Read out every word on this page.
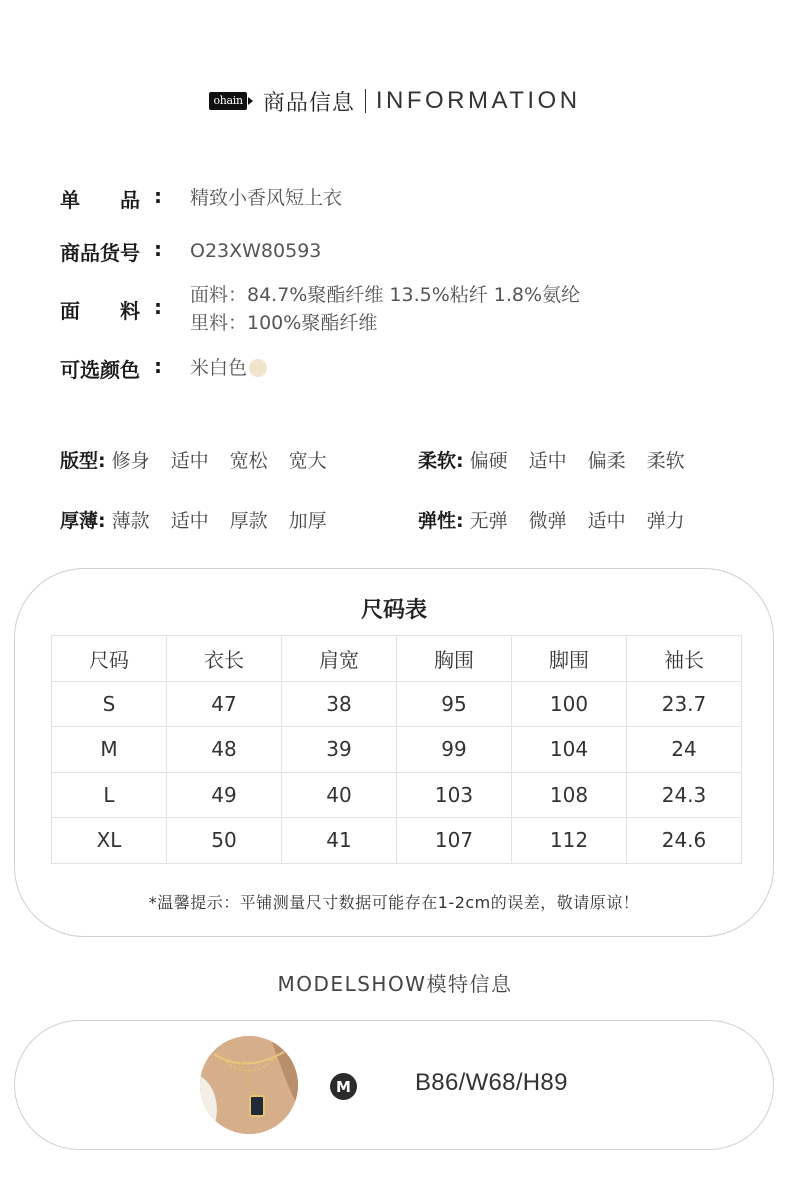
ohain 商品信息 INFORMATION
单　　品 : 精致小香风短上衣
商品货号 : O23XW80593
面　　料 : 面料：84.7%聚酯纤维 13.5%粘纤 1.8%氨纶
里料：100%聚酯纤维
可选颜色 : 米白色
版型: 修身	适中	宽松	宽大	柔软: 偏硬	适中	偏柔	柔软
厚薄: 薄款	适中	厚款	加厚	弹性: 无弹	微弹	适中	弹力
尺码表
尺码	衣长	肩宽	胸围	脚围	袖长
S	47	38	95	100	23.7
M	48	39	99	104	24
L	49	40	103	108	24.3
XL	50	41	107	112	24.6
*温馨提示：平铺测量尺寸数据可能存在1-2cm的误差，敬请原谅！
MODELSHOW模特信息
M	B86/W68/H89
